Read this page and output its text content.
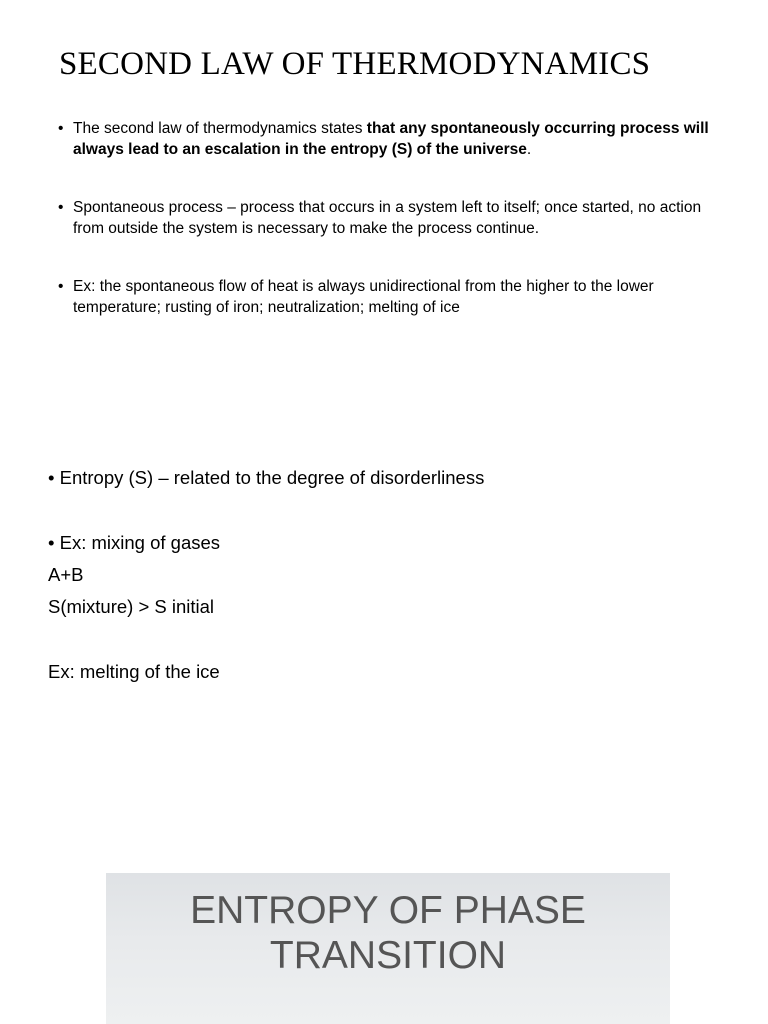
SECOND LAW OF THERMODYNAMICS
• The second law of thermodynamics states that any spontaneously occurring process will always lead to an escalation in the entropy (S) of the universe.
• Spontaneous process – process that occurs in a system left to itself; once started, no action from outside the system is necessary to make the process continue.
• Ex: the spontaneous flow of heat is always unidirectional from the higher to the lower temperature; rusting of iron; neutralization; melting of ice
• Entropy (S) – related to the degree of disorderliness
• Ex: mixing of gases
A+B
S(mixture) > S initial
Ex: melting of the ice
ENTROPY OF PHASE
TRANSITION
